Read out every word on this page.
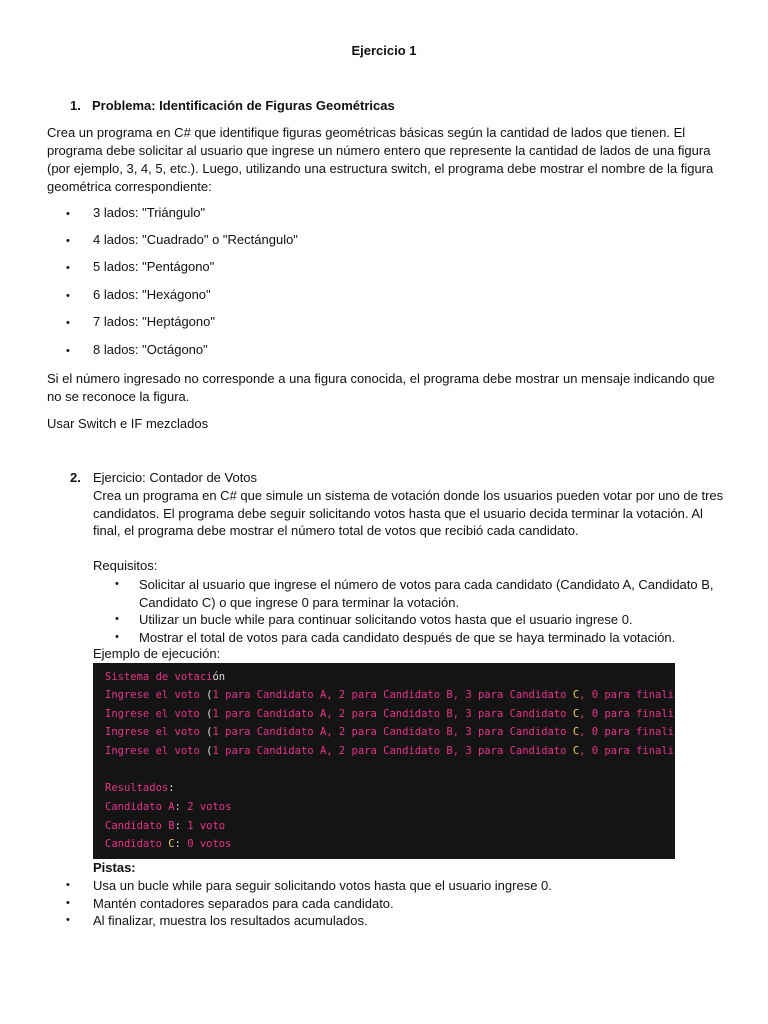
Ejercicio 1
1. Problema: Identificación de Figuras Geométricas
Crea un programa en C# que identifique figuras geométricas básicas según la cantidad de lados que tienen. El programa debe solicitar al usuario que ingrese un número entero que represente la cantidad de lados de una figura (por ejemplo, 3, 4, 5, etc.). Luego, utilizando una estructura switch, el programa debe mostrar el nombre de la figura geométrica correspondiente:
• 3 lados: "Triángulo"
• 4 lados: "Cuadrado" o "Rectángulo"
• 5 lados: "Pentágono"
• 6 lados: "Hexágono"
• 7 lados: "Heptágono"
• 8 lados: "Octágono"
Si el número ingresado no corresponde a una figura conocida, el programa debe mostrar un mensaje indicando que no se reconoce la figura.
Usar Switch e IF mezclados
2. Ejercicio: Contador de Votos
Crea un programa en C# que simule un sistema de votación donde los usuarios pueden votar por uno de tres candidatos. El programa debe seguir solicitando votos hasta que el usuario decida terminar la votación. Al final, el programa debe mostrar el número total de votos que recibió cada candidato.
Requisitos:
• Solicitar al usuario que ingrese el número de votos para cada candidato (Candidato A, Candidato B, Candidato C) o que ingrese 0 para terminar la votación.
• Utilizar un bucle while para continuar solicitando votos hasta que el usuario ingrese 0.
• Mostrar el total de votos para cada candidato después de que se haya terminado la votación.
Ejemplo de ejecución:

Sistema de votación

Ingrese el voto (1 para Candidato A, 2 para Candidato B, 3 para Candidato C, 0 para finali

Ingrese el voto (1 para Candidato A, 2 para Candidato B, 3 para Candidato C, 0 para finali

Ingrese el voto (1 para Candidato A, 2 para Candidato B, 3 para Candidato C, 0 para finali

Ingrese el voto (1 para Candidato A, 2 para Candidato B, 3 para Candidato C, 0 para finali

Resultados:

Candidato A: 2 votos

Candidato B: 1 voto

Candidato C: 0 votos

Pistas:
• Usa un bucle while para seguir solicitando votos hasta que el usuario ingrese 0.
• Mantén contadores separados para cada candidato.
• Al finalizar, muestra los resultados acumulados.
